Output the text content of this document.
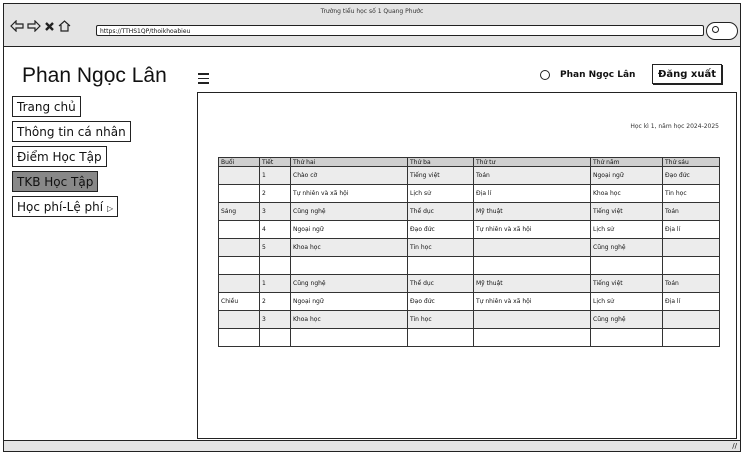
Trường tiểu học số 1 Quang Phước
https://TTHS1QP/thoikhoabieu
Phan Ngọc Lân	Phan Ngọc Lân	Đăng xuất
Trang chủ
Thông tin cá nhân
Điểm Học Tập
TKB Học Tập
Học phí-Lệ phí ▷
Học kì 1, năm học 2024-2025
Buổi	Tiết	Thứ hai	Thứ ba	Thứ tư	Thứ năm	Thứ sáu
	1	Chào cờ	Tiếng việt	Toán	Ngoại ngữ	Đạo đức
	2	Tự nhiên và xã hội	Lịch sử	Địa lí	Khoa học	Tin học
Sáng	3	Cũng nghệ	Thể dục	Mỹ thuật	Tiếng việt	Toán
	4	Ngoại ngữ	Đạo đức	Tự nhiên và xã hội	Lịch sử	Địa lí
	5	Khoa học	Tin học		Cũng nghệ	

	1	Cũng nghệ	Thể dục	Mỹ thuật	Tiếng việt	Toán
Chiều	2	Ngoại ngữ	Đạo đức	Tự nhiên và xã hội	Lịch sử	Địa lí
	3	Khoa học	Tin học		Cũng nghệ	

//
